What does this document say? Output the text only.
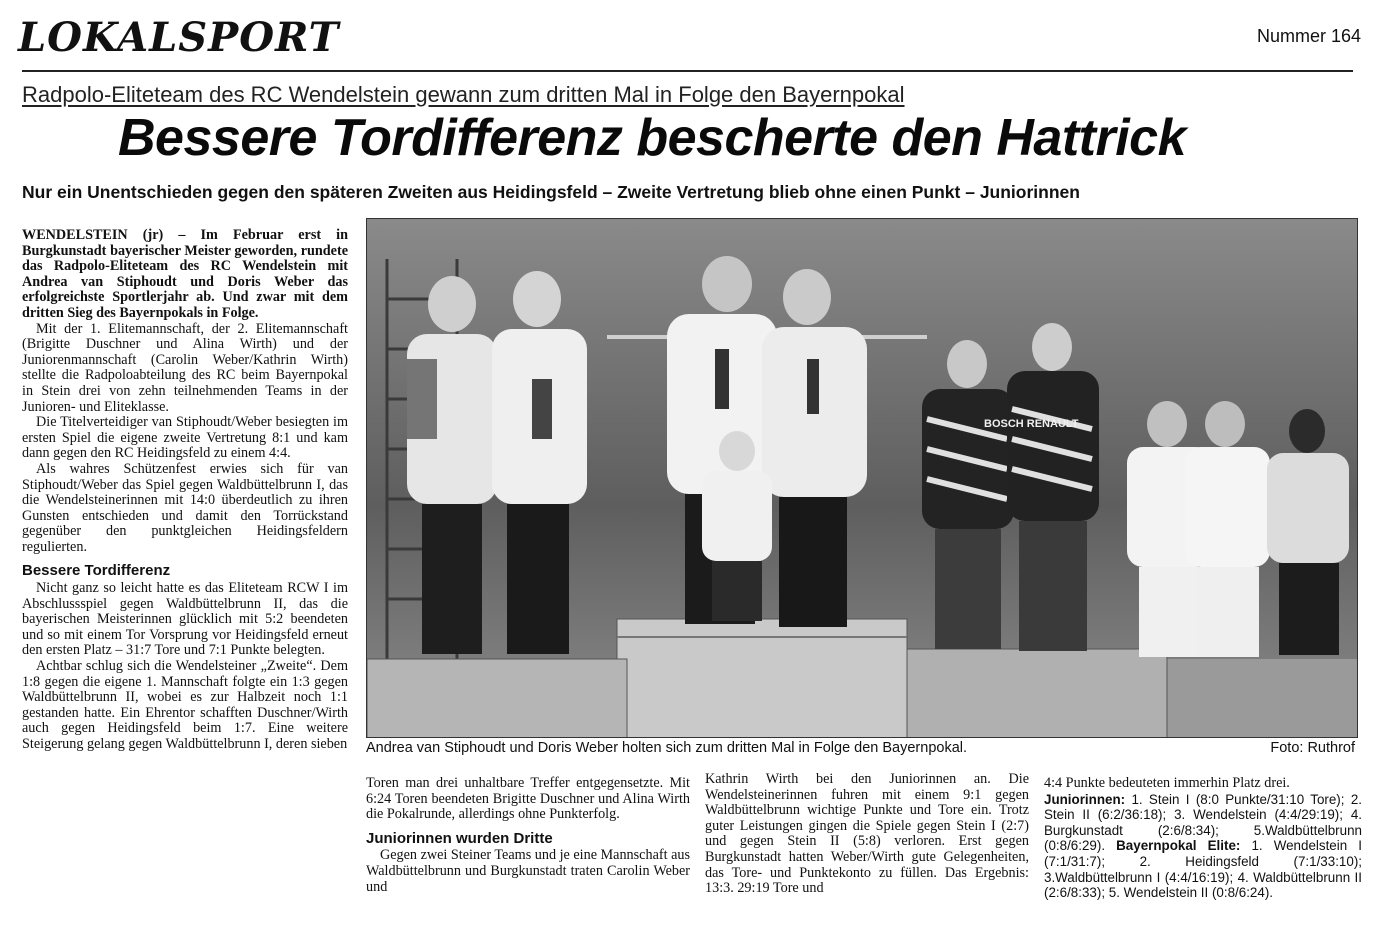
LOKALSPORT	Nummer 164
Radpolo-Eliteteam des RC Wendelstein gewann zum dritten Mal in Folge den Bayernpokal
Bessere Tordifferenz bescherte den Hattrick
Nur ein Unentschieden gegen den späteren Zweiten aus Heidingsfeld – Zweite Vertretung blieb ohne einen Punkt – Juniorinnen

WENDELSTEIN (jr) – Im Februar erst in Burgkunstadt bayerischer Meister geworden, rundete das Radpolo-Eliteteam des RC Wendelstein mit Andrea van Stiphoudt und Doris Weber das erfolgreichste Sportlerjahr ab. Und zwar mit dem dritten Sieg des Bayernpokals in Folge.

Mit der 1. Elitemannschaft, der 2. Elitemannschaft (Brigitte Duschner und Alina Wirth) und der Juniorenmannschaft (Carolin Weber/Kathrin Wirth) stellte die Radpoloabteilung des RC beim Bayernpokal in Stein drei von zehn teilnehmenden Teams in der Junioren- und Eliteklasse.

Die Titelverteidiger van Stiphoudt/Weber besiegten im ersten Spiel die eigene zweite Vertretung 8:1 und kam dann gegen den RC Heidingsfeld zu einem 4:4.

Als wahres Schützenfest erwies sich für van Stiphoudt/Weber das Spiel gegen Waldbüttelbrunn I, das die Wendelsteinerinnen mit 14:0 überdeutlich zu ihren Gunsten entschieden und damit den Torrückstand gegenüber den punktgleichen Heidingsfeldern regulierten.

Bessere Tordifferenz

Nicht ganz so leicht hatte es das Eliteteam RCW I im Abschlussspiel gegen Waldbüttelbrunn II, das die bayerischen Meisterinnen glücklich mit 5:2 beendeten und so mit einem Tor Vorsprung vor Heidingsfeld erneut den ersten Platz – 31:7 Tore und 7:1 Punkte belegten.

Achtbar schlug sich die Wendelsteiner „Zweite“. Dem 1:8 gegen die eigene 1. Mannschaft folgte ein 1:3 gegen Waldbüttelbrunn II, wobei es zur Halbzeit noch 1:1 gestanden hatte. Ein Ehrentor schafften Duschner/Wirth auch gegen Heidingsfeld beim 1:7. Eine weitere Steigerung gelang gegen Waldbüttelbrunn I, deren sieben

BOSCH RENAULT
Andrea van Stiphoudt und Doris Weber holten sich zum dritten Mal in Folge den Bayernpokal.	Foto: Ruthrof

Toren man drei unhaltbare Treffer entgegensetzte. Mit 6:24 Toren beendeten Brigitte Duschner und Alina Wirth die Pokalrunde, allerdings ohne Punkterfolg.

Juniorinnen wurden Dritte

Gegen zwei Steiner Teams und je eine Mannschaft aus Waldbüttelbrunn und Burgkunstadt traten Carolin Weber und

Kathrin Wirth bei den Juniorinnen an. Die Wendelsteinerinnen fuhren mit einem 9:1 gegen Waldbüttelbrunn wichtige Punkte und Tore ein. Trotz guter Leistungen gingen die Spiele gegen Stein I (2:7) und gegen Stein II (5:8) verloren. Erst gegen Burgkunstadt hatten Weber/Wirth gute Gelegenheiten, das Tore- und Punktekonto zu füllen. Das Ergebnis: 13:3. 29:19 Tore und

4:4 Punkte bedeuteten immerhin Platz drei.

Juniorinnen: 1. Stein I (8:0 Punkte/31:10 Tore); 2. Stein II (6:2/36:18); 3. Wendelstein (4:4/29:19); 4. Burgkunstadt (2:6/8:34); 5.Waldbüttelbrunn (0:8/6:29). Bayernpokal Elite: 1. Wendelstein I (7:1/31:7); 2. Heidingsfeld (7:1/33:10); 3.Waldbüttelbrunn I (4:4/16:19); 4. Waldbüttelbrunn II (2:6/8:33); 5. Wendelstein II (0:8/6:24).
